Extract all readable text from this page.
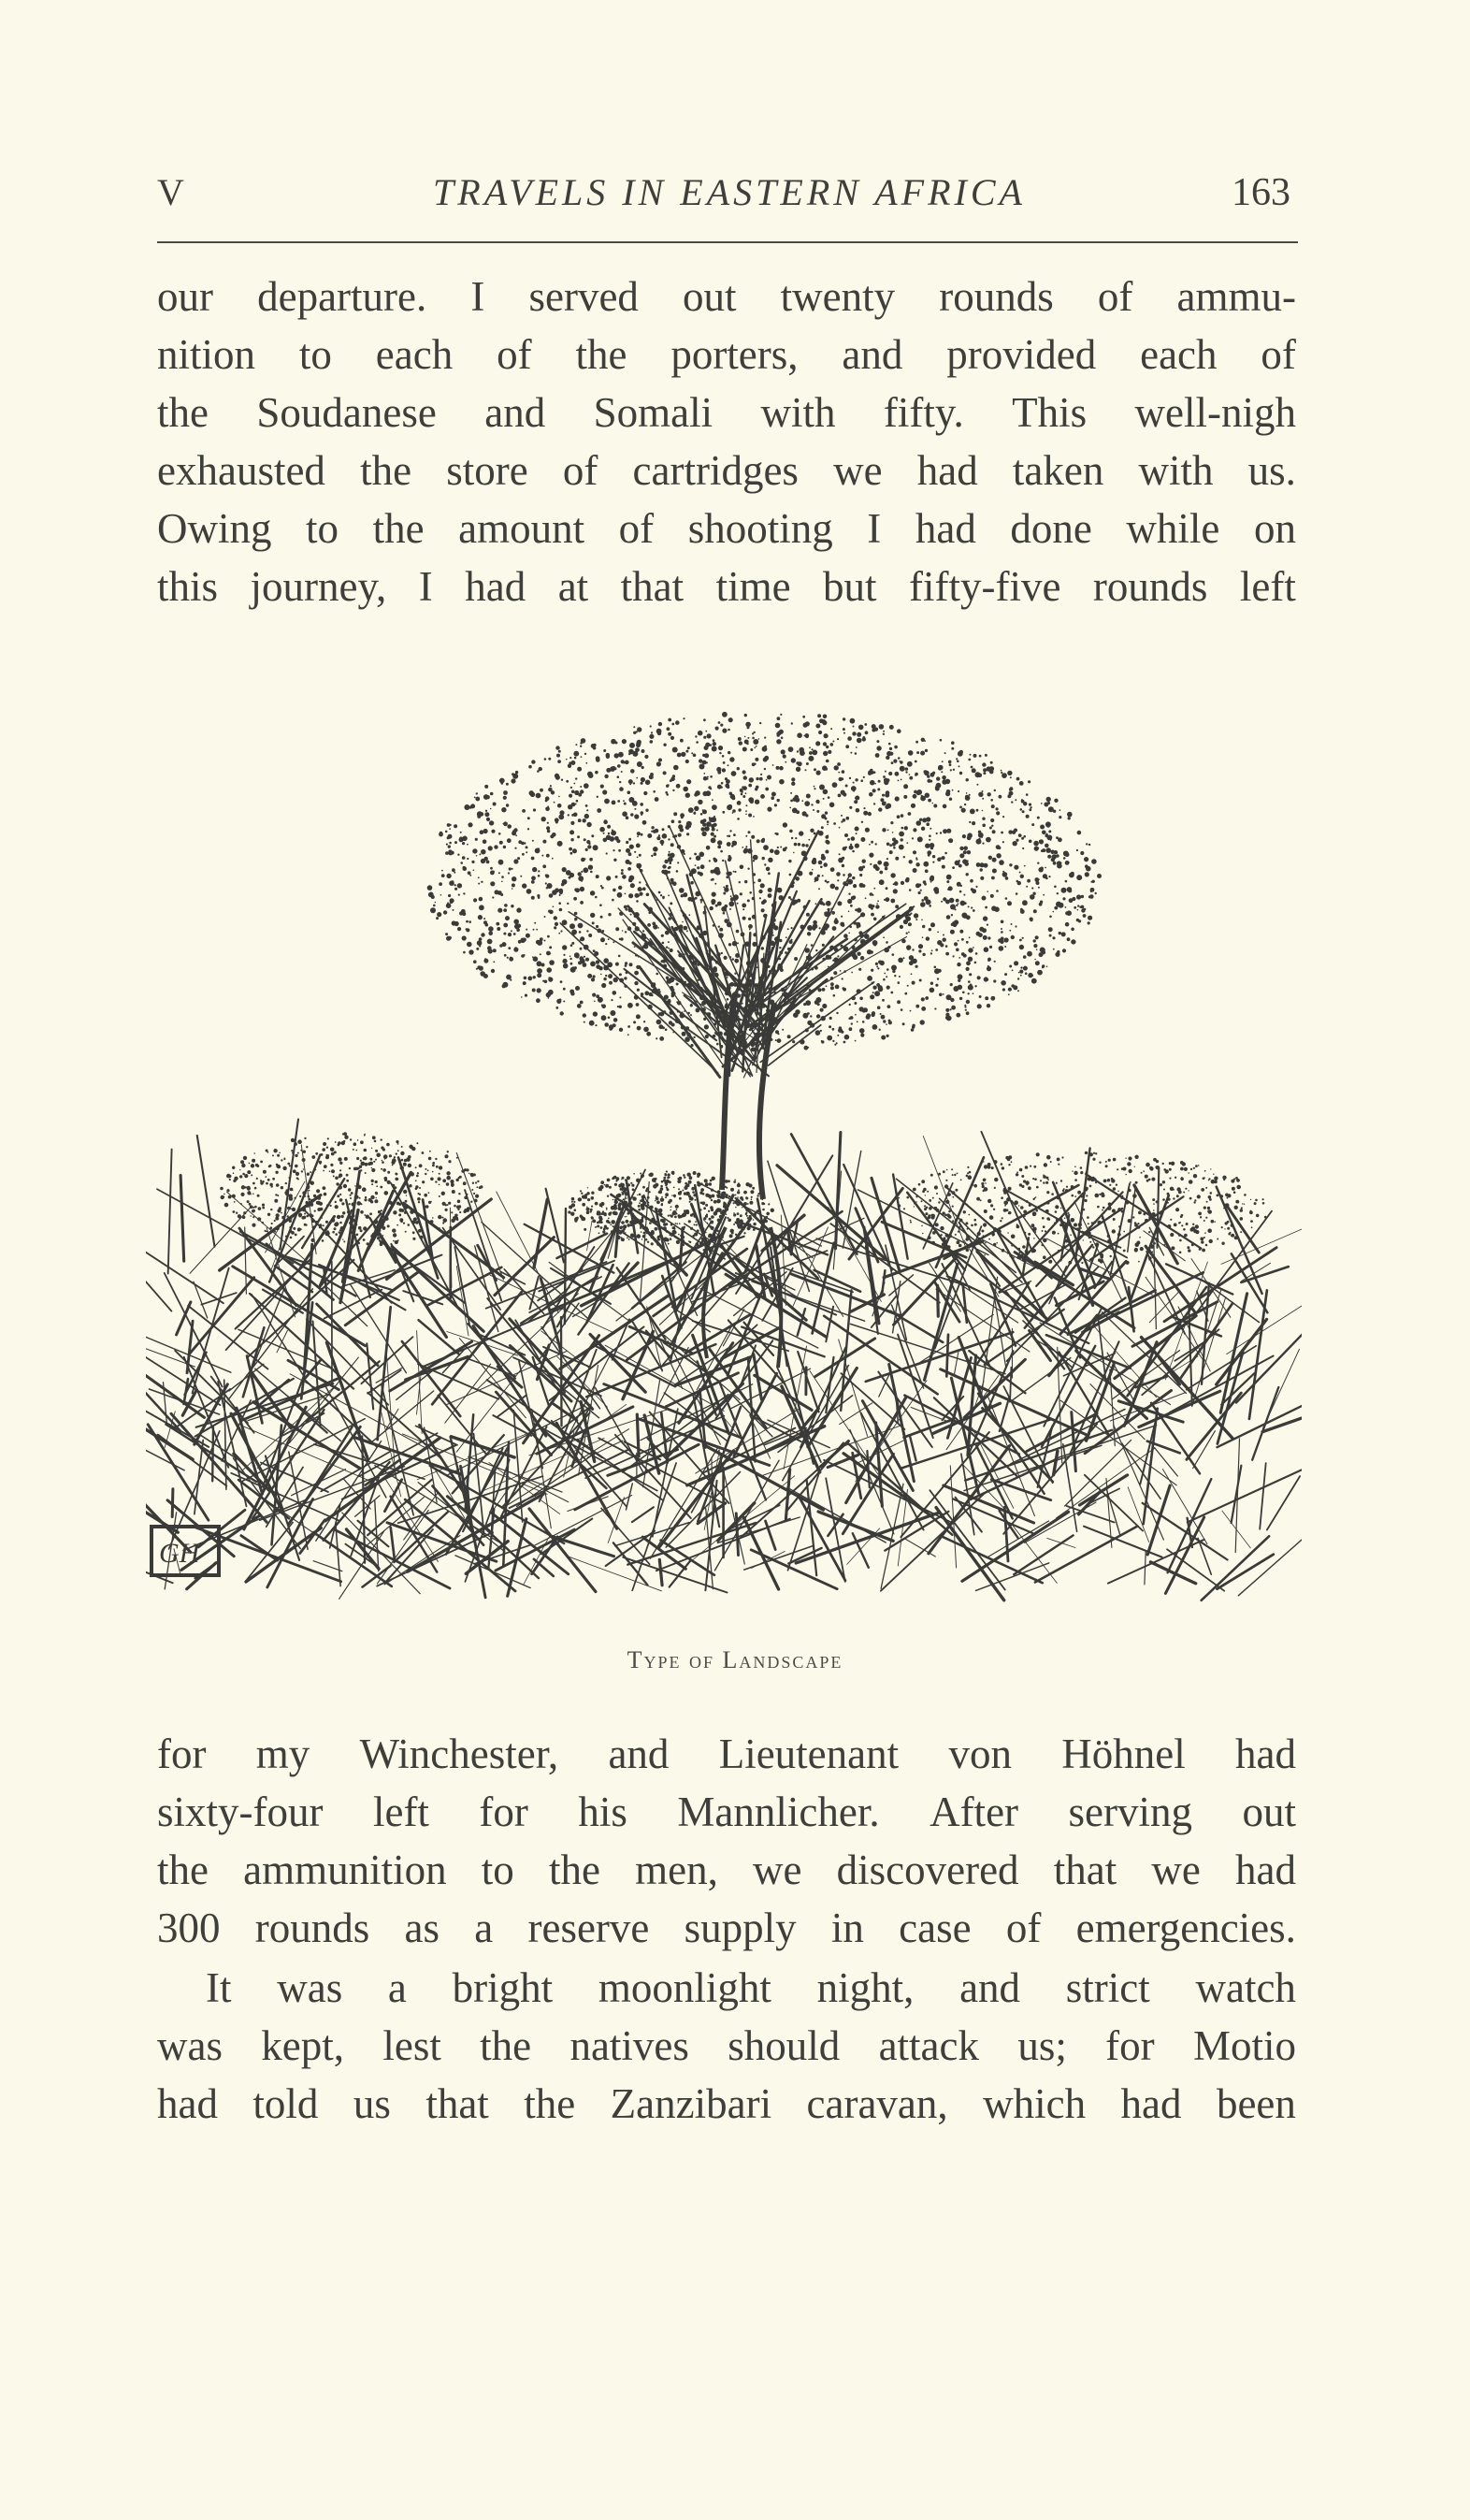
V	TRAVELS IN EASTERN AFRICA	163
our departure. I served out twenty rounds of ammu-
nition to each of the porters, and provided each of
the Soudanese and Somali with fifty. This well-nigh
exhausted the store of cartridges we had taken with us.
Owing to the amount of shooting I had done while on
this journey, I had at that time but fifty-five rounds left
GH
Type of Landscape
for my Winchester, and Lieutenant von Höhnel had
sixty-four left for his Mannlicher. After serving out
the ammunition to the men, we discovered that we had
300 rounds as a reserve supply in case of emergencies.
It was a bright moonlight night, and strict watch
was kept, lest the natives should attack us; for Motio
had told us that the Zanzibari caravan, which had been
